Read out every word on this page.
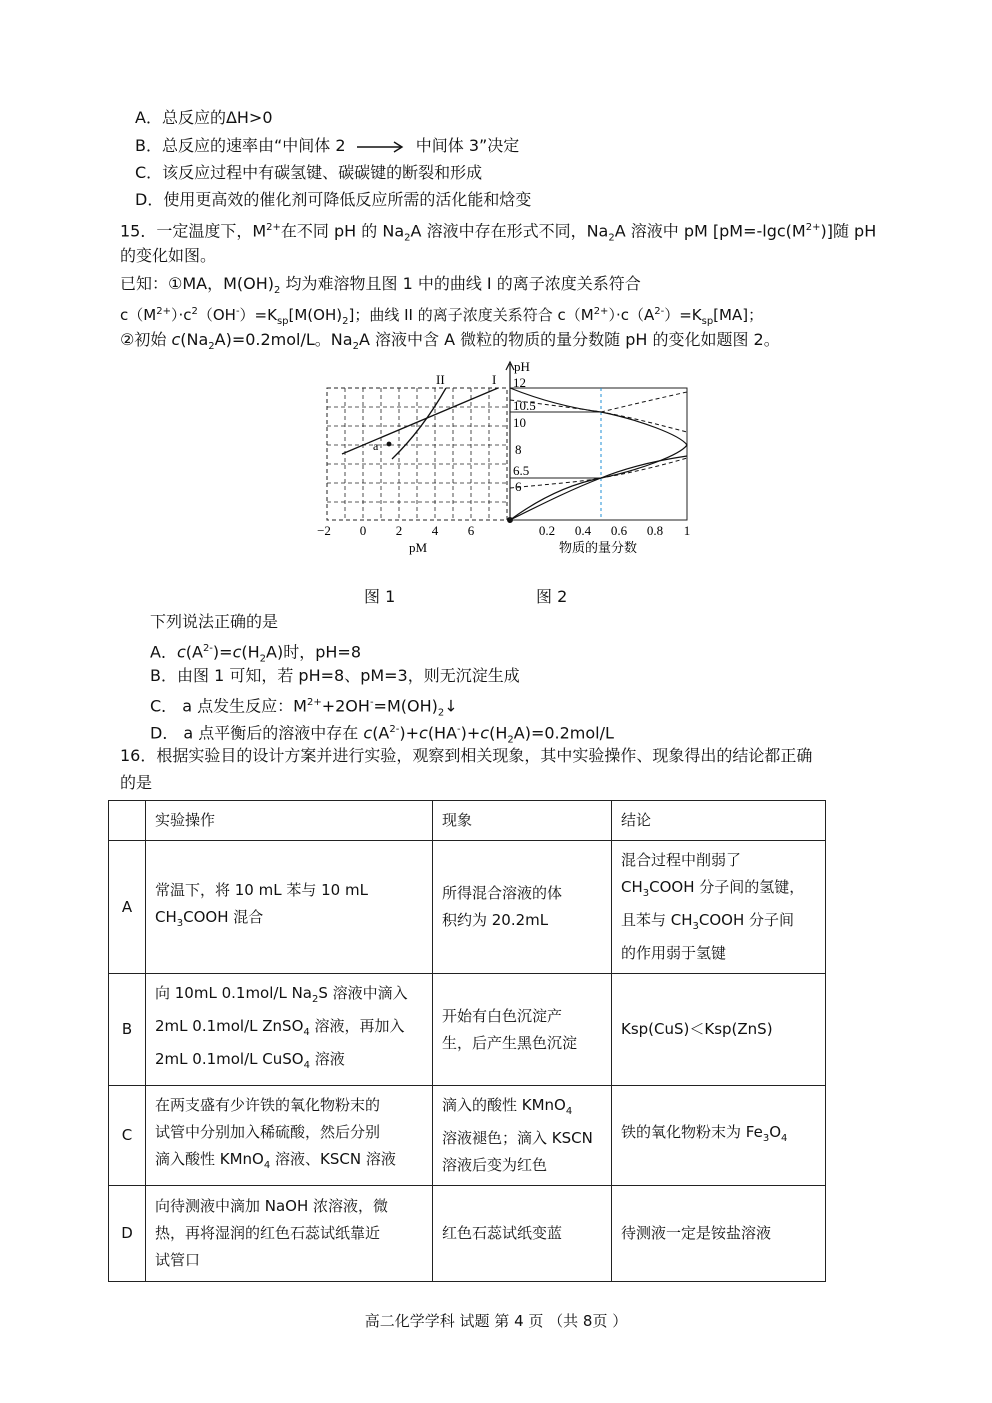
A．总反应的ΔH>0
B．总反应的速率由“中间体 2	中间体 3”决定
C．该反应过程中有碳氢键、碳碳键的断裂和形成
D．使用更高效的催化剂可降低反应所需的活化能和焓变
15．一定温度下，$M^{2+}$在不同 pH 的 $Na_2A$ 溶液中存在形式不同，$Na_2A$ 溶液中 pM $[pM=-\lg c(M^{2+})]$随 pH
的变化如图。
已知：①MA，$M(OH)_2$ 均为难溶物且图 1 中的曲线 I 的离子浓度关系符合
$c(M^{2+})\cdot c^2(OH^-)=K_{sp}[M(OH)_2]$；曲线 II 的离子浓度关系符合 $c(M^{2+})\cdot c(A^{2-})=K_{sp}[MA]$；
②初始 $c(Na_2A)=0.2mol/L$。$Na_2A$ 溶液中含 A 微粒的物质的量分数随 pH 的变化如题图 2。
I
II
a
−2 0 2 4 6
pM
pH
12
10.5
10
8
6.5
6
0.2 0.4 0.6 0.8 1
物质的量分数
图 1	图 2
下列说法正确的是
A．$c(A^{2-})=c(H_2A)$时，pH=8
B．由图 1 可知，若 pH=8、pM=3，则无沉淀生成
C． a 点发生反应：$M^{2+}+2OH^-=M(OH)_2↓$
D． a 点平衡后的溶液中存在 $c(A^{2-})+c(HA^-)+c(H_2A)=0.2mol/L$
16．根据实验目的设计方案并进行实验，观察到相关现象，其中实验操作、现象得出的结论都正确
的是
	实验操作	现象	结论
A	常温下，将 10 mL 苯与 10 mL
$CH_3COOH$ 混合	所得混合溶液的体
积约为 20.2mL	混合过程中削弱了
$CH_3COOH$ 分子间的氢键，
且苯与 $CH_3COOH$ 分子间
的作用弱于氢键
B	向 10mL 0.1mol/L $Na_2S$ 溶液中滴入
2mL 0.1mol/L ZnSO$_4$ 溶液，再加入
2mL 0.1mol/L CuSO$_4$ 溶液	开始有白色沉淀产
生，后产生黑色沉淀	Ksp(CuS)＜Ksp(ZnS)
C	在两支盛有少许铁的氧化物粉末的
试管中分别加入稀硫酸，然后分别
滴入酸性 KMnO$_4$ 溶液、KSCN 溶液	滴入的酸性 KMnO$_4$
溶液褪色；滴入 KSCN
溶液后变为红色	铁的氧化物粉末为 $Fe_3O_4$
D	向待测液中滴加 NaOH 浓溶液，微
热，再将湿润的红色石蕊试纸靠近
试管口	红色石蕊试纸变蓝	待测液一定是铵盐溶液
高二化学学科 试题 第 4 页 （共 8页 ）
